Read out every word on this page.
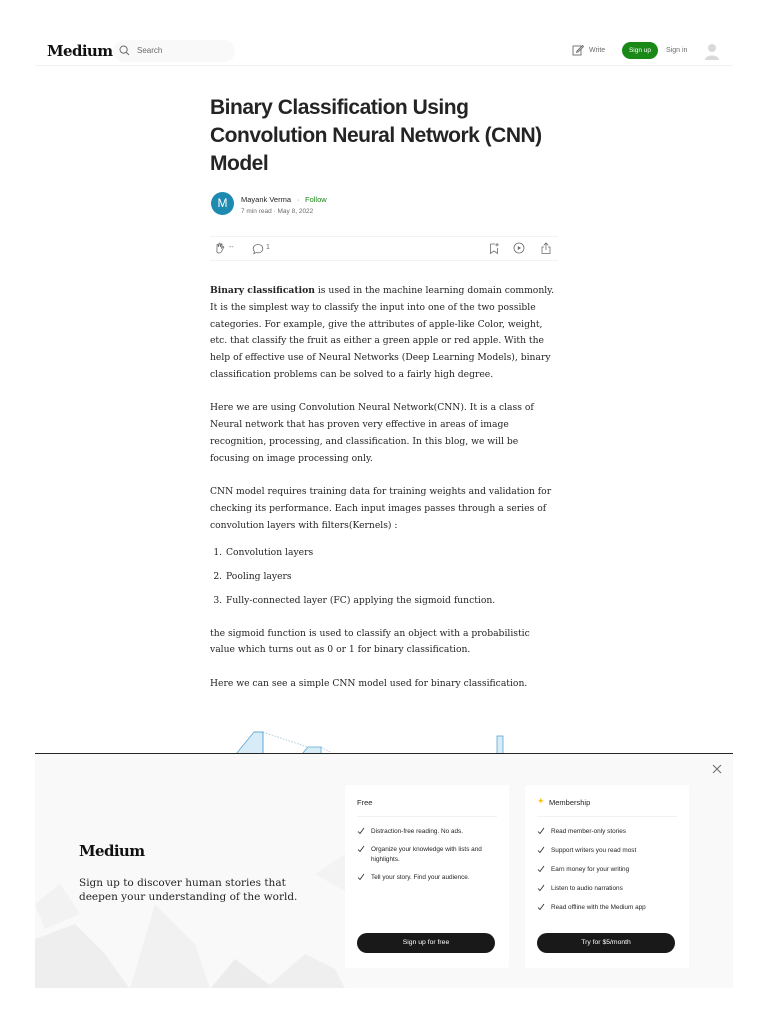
Medium	Search	Write	Sign up	Sign in
Binary Classification Using Convolution Neural Network (CNN) Model
M	Mayank Verma · Follow
7 min read · May 8, 2022
--	1

Binary classification is used in the machine learning domain commonly. It is the simplest way to classify the input into one of the two possible categories. For example, give the attributes of apple-like Color, weight, etc. that classify the fruit as either a green apple or red apple. With the help of effective use of Neural Networks (Deep Learning Models), binary classification problems can be solved to a fairly high degree.

Here we are using Convolution Neural Network(CNN). It is a class of Neural network that has proven very effective in areas of image recognition, processing, and classification. In this blog, we will be focusing on image processing only.

CNN model requires training data for training weights and validation for checking its performance. Each input images passes through a series of convolution layers with filters(Kernels) :

1. Convolution layers
2. Pooling layers
3. Fully-connected layer (FC) applying the sigmoid function.

the sigmoid function is used to classify an object with a probabilistic value which turns out as 0 or 1 for binary classification.

Here we can see a simple CNN model used for binary classification.

Medium
Sign up to discover human stories that deepen your understanding of the world.
Free
Distraction-free reading. No ads.
Organize your knowledge with lists and highlights.
Tell your story. Find your audience.
Sign up for free
✦ Membership
Read member-only stories
Support writers you read most
Earn money for your writing
Listen to audio narrations
Read offline with the Medium app
Try for $5/month
